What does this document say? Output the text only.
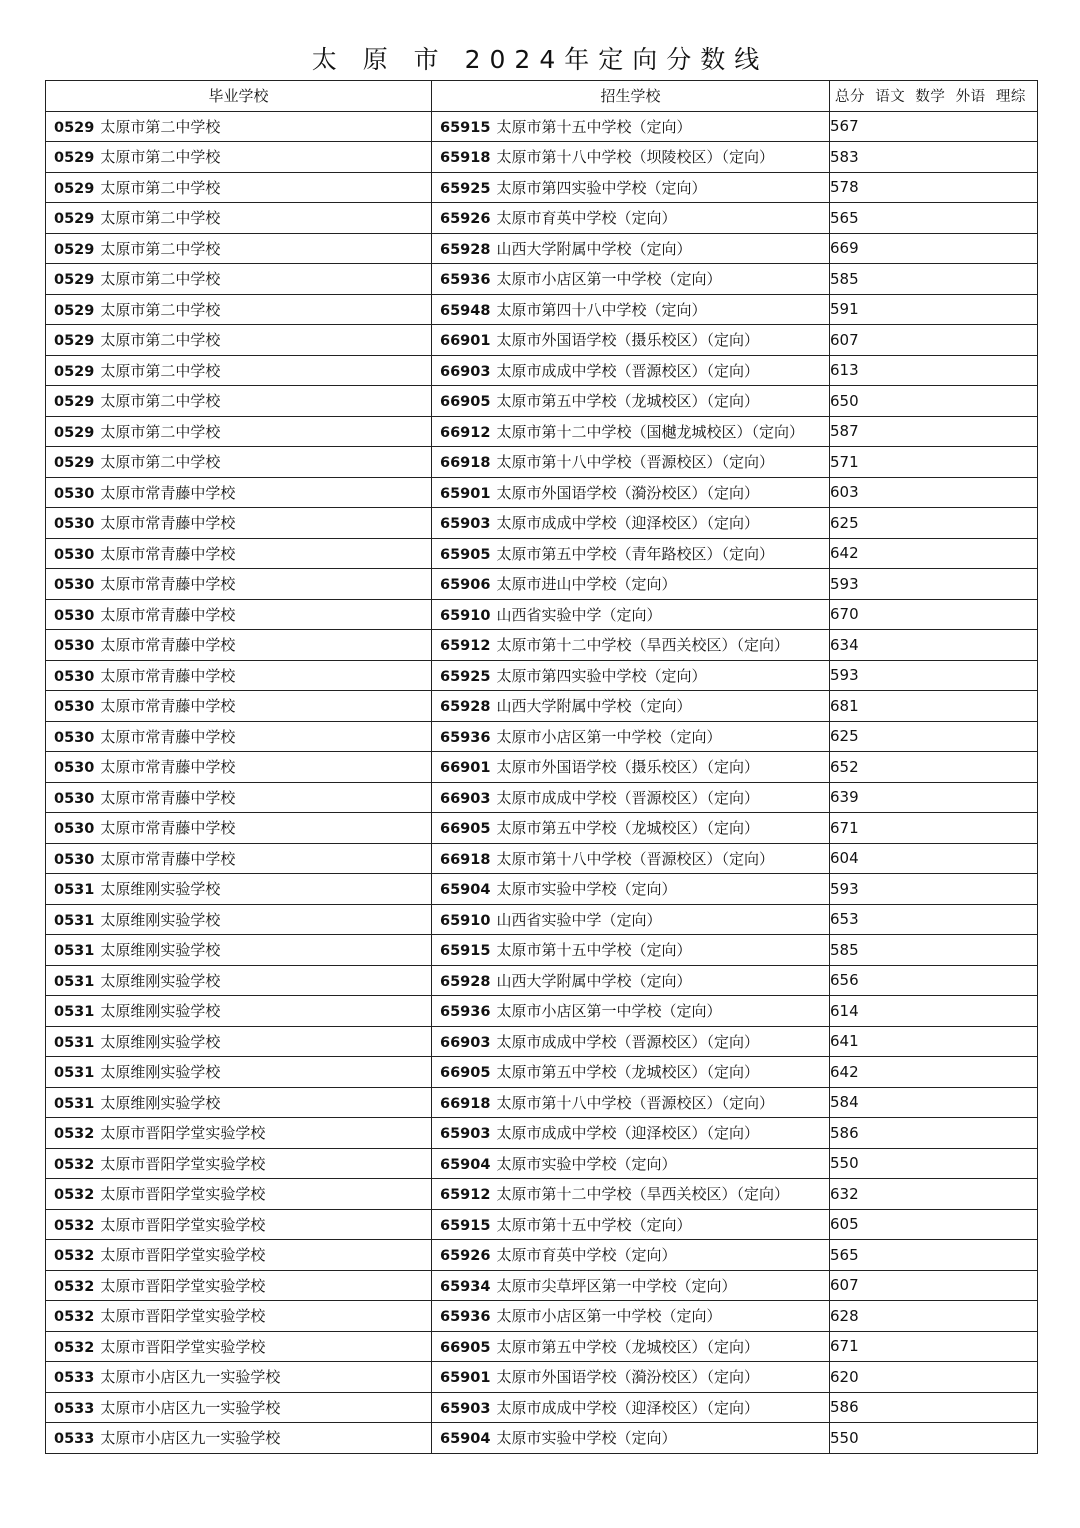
太 原 市 2024年定向分数线
毕业学校	招生学校	总分  语文  数学  外语  理综
0529 太原市第二中学校	65915 太原市第十五中学校（定向）	567
0529 太原市第二中学校	65918 太原市第十八中学校（坝陵校区）（定向）	583
0529 太原市第二中学校	65925 太原市第四实验中学校（定向）	578
0529 太原市第二中学校	65926 太原市育英中学校（定向）	565
0529 太原市第二中学校	65928 山西大学附属中学校（定向）	669
0529 太原市第二中学校	65936 太原市小店区第一中学校（定向）	585
0529 太原市第二中学校	65948 太原市第四十八中学校（定向）	591
0529 太原市第二中学校	66901 太原市外国语学校（摄乐校区）（定向）	607
0529 太原市第二中学校	66903 太原市成成中学校（晋源校区）（定向）	613
0529 太原市第二中学校	66905 太原市第五中学校（龙城校区）（定向）	650
0529 太原市第二中学校	66912 太原市第十二中学校（国樾龙城校区）（定向）	587
0529 太原市第二中学校	66918 太原市第十八中学校（晋源校区）（定向）	571
0530 太原市常青藤中学校	65901 太原市外国语学校（漪汾校区）（定向）	603
0530 太原市常青藤中学校	65903 太原市成成中学校（迎泽校区）（定向）	625
0530 太原市常青藤中学校	65905 太原市第五中学校（青年路校区）（定向）	642
0530 太原市常青藤中学校	65906 太原市进山中学校（定向）	593
0530 太原市常青藤中学校	65910 山西省实验中学（定向）	670
0530 太原市常青藤中学校	65912 太原市第十二中学校（旱西关校区）（定向）	634
0530 太原市常青藤中学校	65925 太原市第四实验中学校（定向）	593
0530 太原市常青藤中学校	65928 山西大学附属中学校（定向）	681
0530 太原市常青藤中学校	65936 太原市小店区第一中学校（定向）	625
0530 太原市常青藤中学校	66901 太原市外国语学校（摄乐校区）（定向）	652
0530 太原市常青藤中学校	66903 太原市成成中学校（晋源校区）（定向）	639
0530 太原市常青藤中学校	66905 太原市第五中学校（龙城校区）（定向）	671
0530 太原市常青藤中学校	66918 太原市第十八中学校（晋源校区）（定向）	604
0531 太原维刚实验学校	65904 太原市实验中学校（定向）	593
0531 太原维刚实验学校	65910 山西省实验中学（定向）	653
0531 太原维刚实验学校	65915 太原市第十五中学校（定向）	585
0531 太原维刚实验学校	65928 山西大学附属中学校（定向）	656
0531 太原维刚实验学校	65936 太原市小店区第一中学校（定向）	614
0531 太原维刚实验学校	66903 太原市成成中学校（晋源校区）（定向）	641
0531 太原维刚实验学校	66905 太原市第五中学校（龙城校区）（定向）	642
0531 太原维刚实验学校	66918 太原市第十八中学校（晋源校区）（定向）	584
0532 太原市晋阳学堂实验学校	65903 太原市成成中学校（迎泽校区）（定向）	586
0532 太原市晋阳学堂实验学校	65904 太原市实验中学校（定向）	550
0532 太原市晋阳学堂实验学校	65912 太原市第十二中学校（旱西关校区）（定向）	632
0532 太原市晋阳学堂实验学校	65915 太原市第十五中学校（定向）	605
0532 太原市晋阳学堂实验学校	65926 太原市育英中学校（定向）	565
0532 太原市晋阳学堂实验学校	65934 太原市尖草坪区第一中学校（定向）	607
0532 太原市晋阳学堂实验学校	65936 太原市小店区第一中学校（定向）	628
0532 太原市晋阳学堂实验学校	66905 太原市第五中学校（龙城校区）（定向）	671
0533 太原市小店区九一实验学校	65901 太原市外国语学校（漪汾校区）（定向）	620
0533 太原市小店区九一实验学校	65903 太原市成成中学校（迎泽校区）（定向）	586
0533 太原市小店区九一实验学校	65904 太原市实验中学校（定向）	550
